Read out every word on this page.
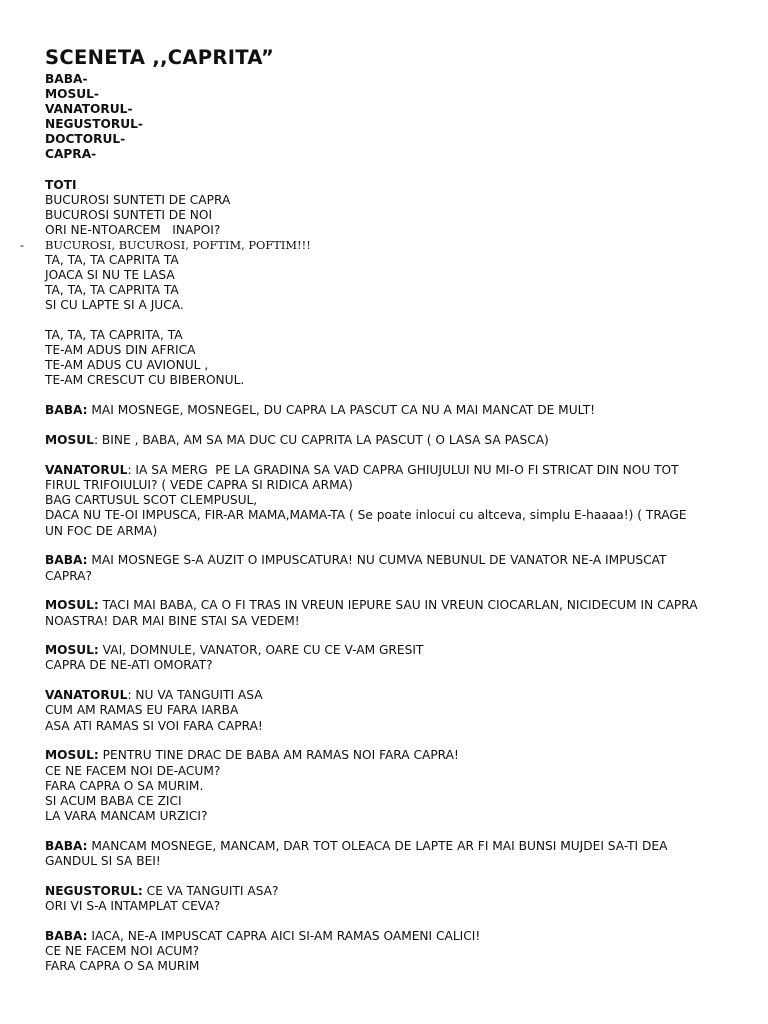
SCENETA ,,CAPRITA”
BABA-
MOSUL-
VANATORUL-
NEGUSTORUL-
DOCTORUL-
CAPRA-
TOTI
BUCUROSI SUNTETI DE CAPRA
BUCUROSI SUNTETI DE NOI
ORI NE-NTOARCEM   INAPOI?
- BUCUROSI, BUCUROSI, POFTIM, POFTIM!!!
TA, TA, TA CAPRITA TA
JOACA SI NU TE LASA
TA, TA, TA CAPRITA TA
SI CU LAPTE SI A JUCA.
TA, TA, TA CAPRITA, TA
TE-AM ADUS DIN AFRICA
TE-AM ADUS CU AVIONUL ,
TE-AM CRESCUT CU BIBERONUL.
BABA: MAI MOSNEGE, MOSNEGEL, DU CAPRA LA PASCUT CA NU A MAI MANCAT DE MULT!
MOSUL: BINE , BABA, AM SA MA DUC CU CAPRITA LA PASCUT ( O LASA SA PASCA)
VANATORUL: IA SA MERG  PE LA GRADINA SA VAD CAPRA GHIUJULUI NU MI-O FI STRICAT DIN NOU TOT
FIRUL TRIFOIULUI? ( VEDE CAPRA SI RIDICA ARMA)
BAG CARTUSUL SCOT CLEMPUSUL,
DACA NU TE-OI IMPUSCA, FIR-AR MAMA,MAMA-TA ( Se poate inlocui cu altceva, simplu E-haaaa!) ( TRAGE
UN FOC DE ARMA)
BABA: MAI MOSNEGE S-A AUZIT O IMPUSCATURA! NU CUMVA NEBUNUL DE VANATOR NE-A IMPUSCAT
CAPRA?
MOSUL: TACI MAI BABA, CA O FI TRAS IN VREUN IEPURE SAU IN VREUN CIOCARLAN, NICIDECUM IN CAPRA
NOASTRA! DAR MAI BINE STAI SA VEDEM!
MOSUL: VAI, DOMNULE, VANATOR, OARE CU CE V-AM GRESIT
CAPRA DE NE-ATI OMORAT?
VANATORUL: NU VA TANGUITI ASA
CUM AM RAMAS EU FARA IARBA
ASA ATI RAMAS SI VOI FARA CAPRA!
MOSUL: PENTRU TINE DRAC DE BABA AM RAMAS NOI FARA CAPRA!
CE NE FACEM NOI DE-ACUM?
FARA CAPRA O SA MURIM.
SI ACUM BABA CE ZICI
LA VARA MANCAM URZICI?
BABA: MANCAM MOSNEGE, MANCAM, DAR TOT OLEACA DE LAPTE AR FI MAI BUNSI MUJDEI SA-TI DEA
GANDUL SI SA BEI!
NEGUSTORUL: CE VA TANGUITI ASA?
ORI VI S-A INTAMPLAT CEVA?
BABA: IACA, NE-A IMPUSCAT CAPRA AICI SI-AM RAMAS OAMENI CALICI!
CE NE FACEM NOI ACUM?
FARA CAPRA O SA MURIM
